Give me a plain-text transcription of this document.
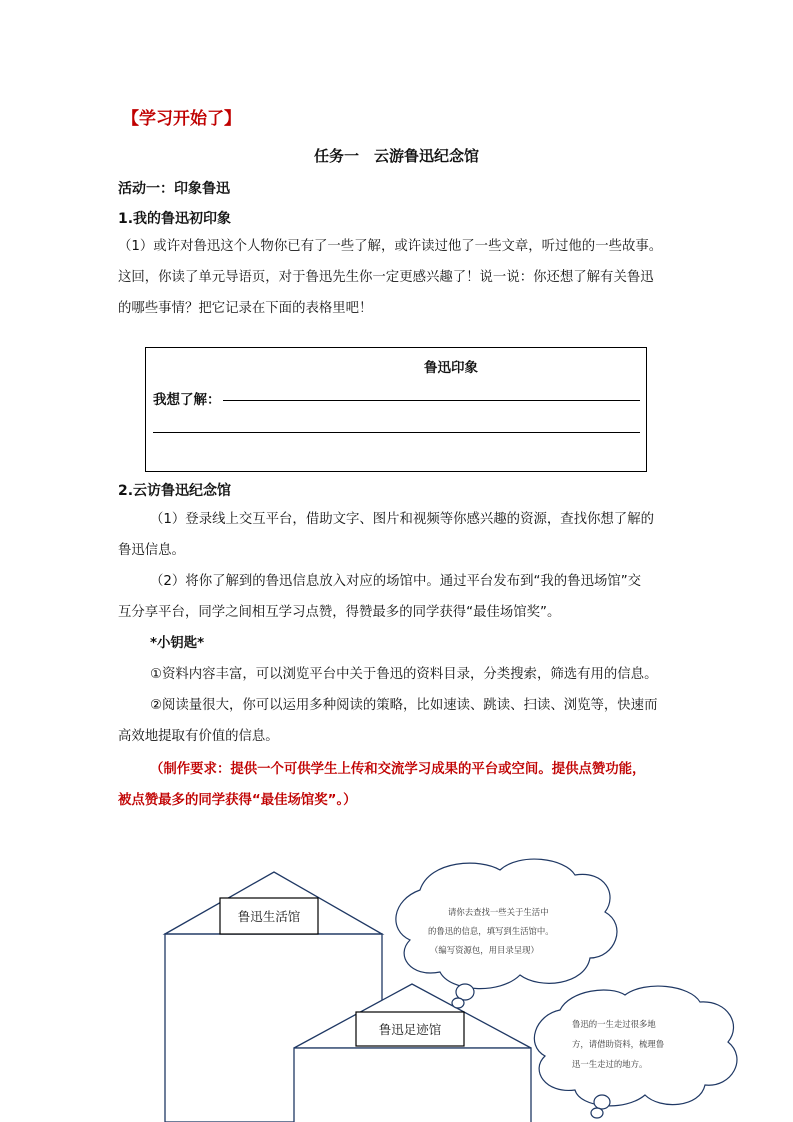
【学习开始了】
任务一　云游鲁迅纪念馆
活动一：印象鲁迅
1.我的鲁迅初印象
（1）或许对鲁迅这个人物你已有了一些了解，或许读过他了一些文章，听过他的一些故事。
这回，你读了单元导语页，对于鲁迅先生你一定更感兴趣了！说一说：你还想了解有关鲁迅
的哪些事情？把它记录在下面的表格里吧！
鲁迅印象
我想了解：
2.云访鲁迅纪念馆
（1）登录线上交互平台，借助文字、图片和视频等你感兴趣的资源，查找你想了解的
鲁迅信息。
（2）将你了解到的鲁迅信息放入对应的场馆中。通过平台发布到“我的鲁迅场馆”交
互分享平台，同学之间相互学习点赞，得赞最多的同学获得“最佳场馆奖”。
*小钥匙*
①资料内容丰富，可以浏览平台中关于鲁迅的资料目录，分类搜索，筛选有用的信息。
②阅读量很大，你可以运用多种阅读的策略，比如速读、跳读、扫读、浏览等，快速而
高效地提取有价值的信息。
（制作要求：提供一个可供学生上传和交流学习成果的平台或空间。提供点赞功能，
被点赞最多的同学获得“最佳场馆奖”。）
鲁迅生活馆
鲁迅足迹馆
请你去查找一些关于生活中
的鲁迅的信息，填写到生活馆中。
（编写资源包，用目录呈现）
鲁迅的一生走过很多地
方，请借助资料，梳理鲁
迅一生走过的地方。
